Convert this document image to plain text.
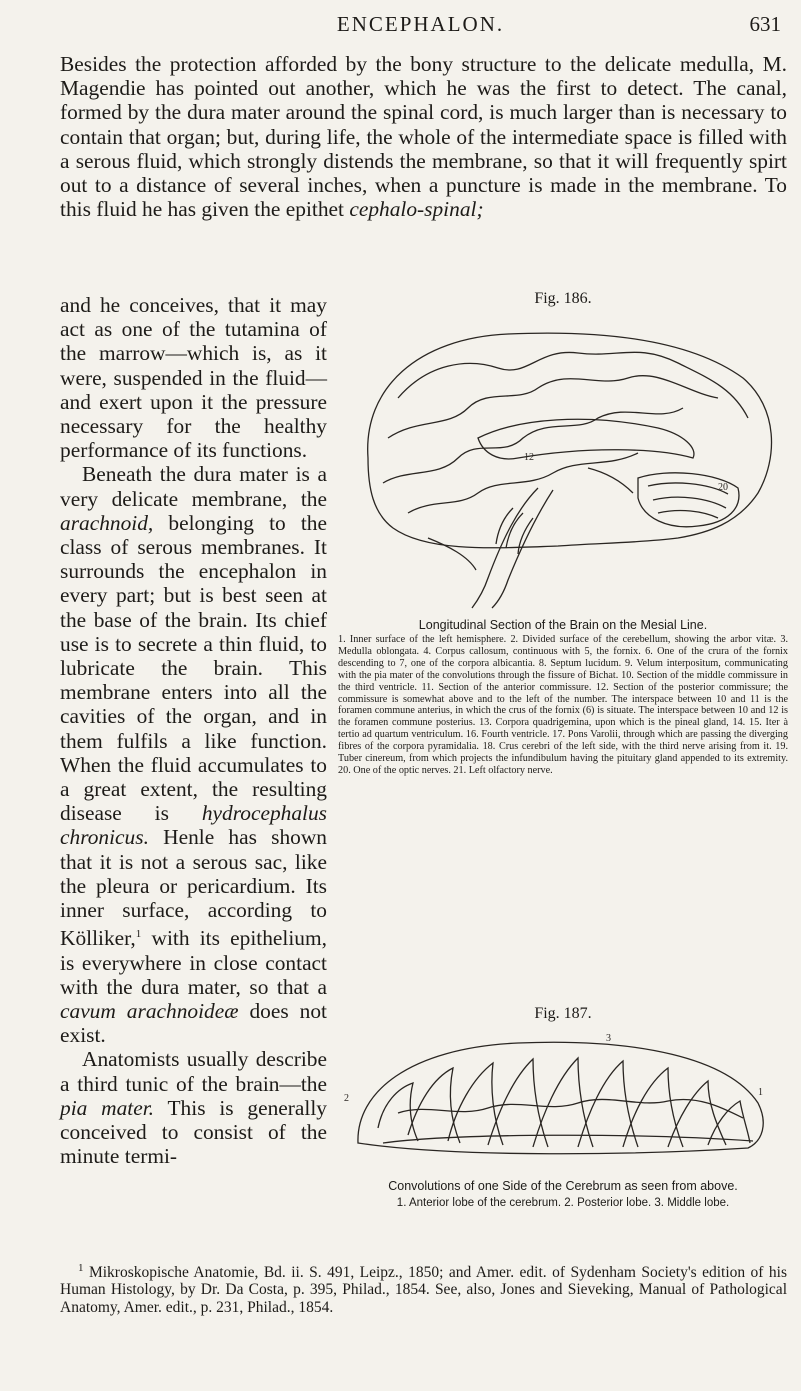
ENCEPHALON.	631

Besides the protection afforded by the bony structure to the delicate medulla, M. Magendie has pointed out another, which he was the first to detect. The canal, formed by the dura mater around the spinal cord, is much larger than is necessary to contain that organ; but, during life, the whole of the intermediate space is filled with a serous fluid, which strongly distends the membrane, so that it will frequently spirt out to a distance of several inches, when a puncture is made in the membrane. To this fluid he has given the epithet cephalo-spinal;

and he conceives, that it may act as one of the tutamina of the marrow—which is, as it were, suspended in the fluid—and exert upon it the pressure necessary for the healthy performance of its functions.

Beneath the dura mater is a very delicate membrane, the arachnoid, belonging to the class of serous membranes. It surrounds the encephalon in every part; but is best seen at the base of the brain. Its chief use is to secrete a thin fluid, to lubricate the brain. This membrane enters into all the cavities of the organ, and in them fulfils a like function. When the fluid accumulates to a great extent, the resulting disease is hydrocephalus chronicus. Henle has shown that it is not a serous sac, like the pleura or pericardium. Its inner surface, according to Kölliker,$^1$ with its epithelium, is everywhere in close contact with the dura mater, so that a cavum arachnoideæ does not exist.

Anatomists usually describe a third tunic of the brain—the pia mater. This is generally conceived to consist of the minute termi-

Fig. 186.
12
20
Longitudinal Section of the Brain on the Mesial Line.
1. Inner surface of the left hemisphere. 2. Divided surface of the cerebellum, showing the arbor vitæ. 3. Medulla oblongata. 4. Corpus callosum, continuous with 5, the fornix. 6. One of the crura of the fornix descending to 7, one of the corpora albicantia. 8. Septum lucidum. 9. Velum interpositum, communicating with the pia mater of the convolutions through the fissure of Bichat. 10. Section of the middle commissure in the third ventricle. 11. Section of the anterior commissure. 12. Section of the posterior commissure; the commissure is somewhat above and to the left of the number. The interspace between 10 and 11 is the foramen commune anterius, in which the crus of the fornix (6) is situate. The interspace between 10 and 12 is the foramen commune posterius. 13. Corpora quadrigemina, upon which is the pineal gland, 14. 15. Iter à tertio ad quartum ventriculum. 16. Fourth ventricle. 17. Pons Varolii, through which are passing the diverging fibres of the corpora pyramidalia. 18. Crus cerebri of the left side, with the third nerve arising from it. 19. Tuber cinereum, from which projects the infundibulum having the pituitary gland appended to its extremity. 20. One of the optic nerves. 21. Left olfactory nerve.
Fig. 187.
2
1
3
Convolutions of one Side of the Cerebrum as seen from above.
1. Anterior lobe of the cerebrum. 2. Posterior lobe. 3. Middle lobe.

$^1$ Mikroskopische Anatomie, Bd. ii. S. 491, Leipz., 1850; and Amer. edit. of Sydenham Society's edition of his Human Histology, by Dr. Da Costa, p. 395, Philad., 1854. See, also, Jones and Sieveking, Manual of Pathological Anatomy, Amer. edit., p. 231, Philad., 1854.
